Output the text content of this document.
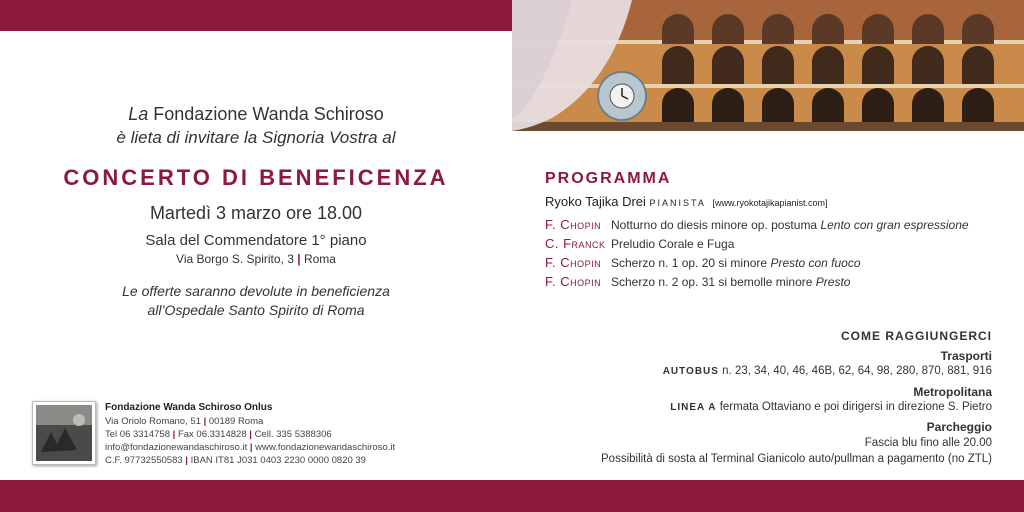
La Fondazione Wanda Schiroso
è lieta di invitare la Signoria Vostra al
CONCERTO DI BENEFICENZA
Martedì 3 marzo ore 18.00
Sala del Commendatore 1° piano
Via Borgo S. Spirito, 3 | Roma
Le offerte saranno devolute in beneficienza
all’Ospedale Santo Spirito di Roma
PROGRAMMA
Ryoko Tajika Drei PIANISTA [www.ryokotajikapianist.com]
F. Chopin Notturno do diesis minore op. postuma Lento con gran espressione
C. Franck Preludio Corale e Fuga
F. Chopin Scherzo n. 1 op. 20 si minore Presto con fuoco
F. Chopin Scherzo n. 2 op. 31 si bemolle minore Presto
COME RAGGIUNGERCI
Trasporti
AUTOBUS n. 23, 34, 40, 46, 46B, 62, 64, 98, 280, 870, 881, 916
Metropolitana
LINEA A fermata Ottaviano e poi dirigersi in direzione S. Pietro
Parcheggio
Fascia blu fino alle 20.00
Possibilità di sosta al Terminal Gianicolo auto/pullman a pagamento (no ZTL)
Fondazione Wanda Schiroso Onlus
Via Oriolo Romano, 51 | 00189 Roma
Tel 06 3314758 | Fax 06.3314828 | Cell. 335 5388306
info@fondazionewandaschiroso.it | www.fondazionewandaschiroso.it
C.F. 97732550583 | IBAN IT81 J031 0403 2230 0000 0820 39
